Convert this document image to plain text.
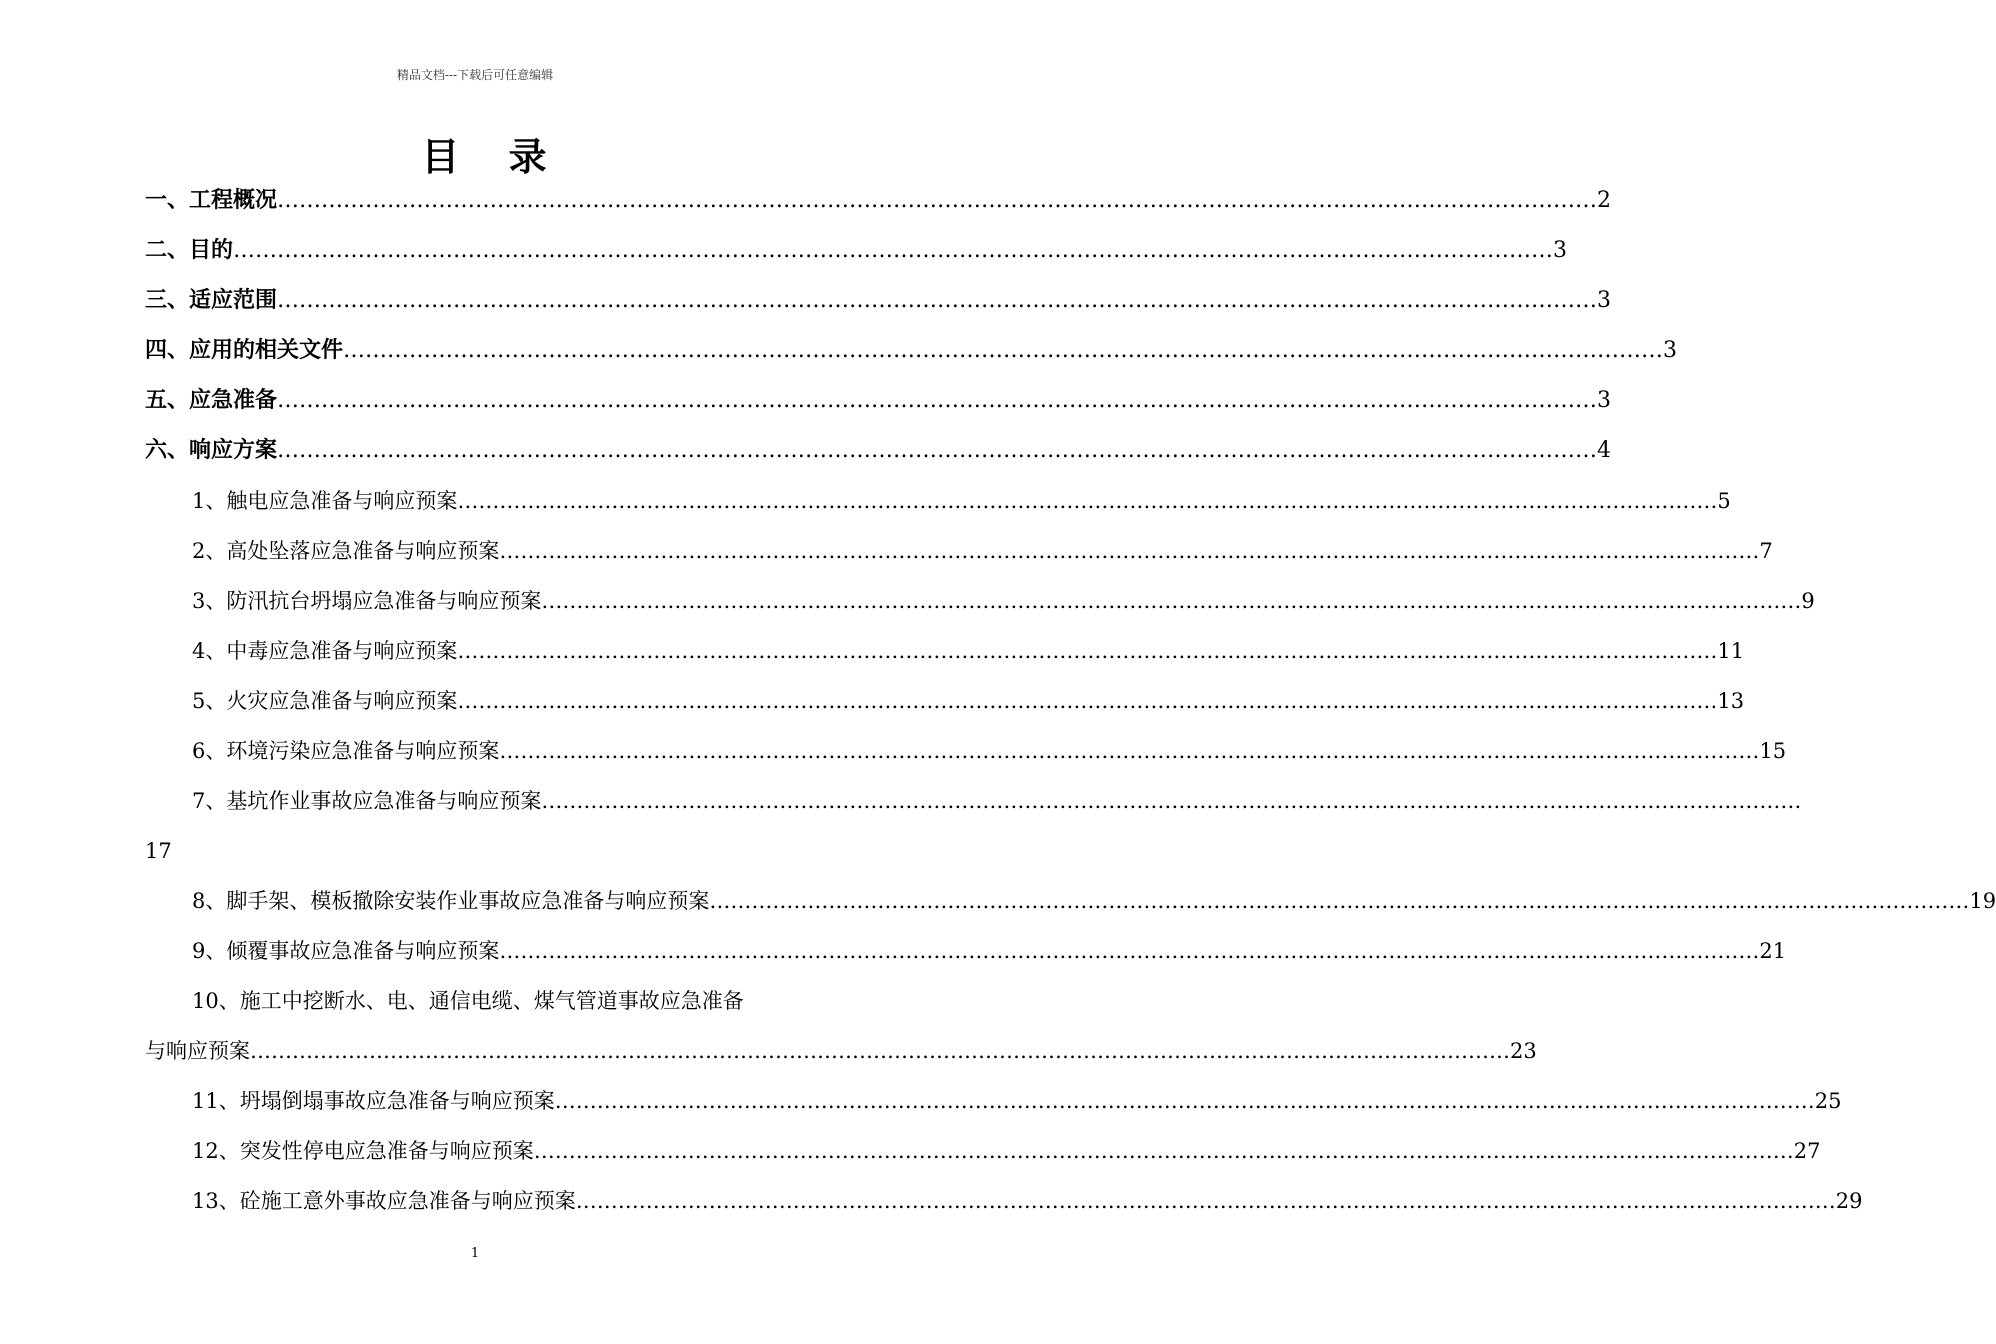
精品文档---下载后可任意编辑
目 录
一、工程概况 ……………………………………………………………………………………………………………………………………………………………… 2
二、目的 ……………………………………………………………………………………………………………………………………………………………… 3
三、适应范围 ……………………………………………………………………………………………………………………………………………………………… 3
四、应用的相关文件 ……………………………………………………………………………………………………………………………………………………………… 3
五、应急准备 ……………………………………………………………………………………………………………………………………………………………… 3
六、响应方案 ……………………………………………………………………………………………………………………………………………………………… 4
1、触电应急准备与响应预案 ……………………………………………………………………………………………………………………………………………………………… 5
2、高处坠落应急准备与响应预案 ……………………………………………………………………………………………………………………………………………………………… 7
3、防汛抗台坍塌应急准备与响应预案 ……………………………………………………………………………………………………………………………………………………………… 9
4、中毒应急准备与响应预案 ……………………………………………………………………………………………………………………………………………………………… 11
5、火灾应急准备与响应预案 ……………………………………………………………………………………………………………………………………………………………… 13
6、环境污染应急准备与响应预案 ……………………………………………………………………………………………………………………………………………………………… 15
7、基坑作业事故应急准备与响应预案 ………………………………………………………………………………………………………………………………………………………………
17
8、脚手架、模板撤除安装作业事故应急准备与响应预案 ……………………………………………………………………………………………………………………………………………………………… 19
9、倾覆事故应急准备与响应预案 ……………………………………………………………………………………………………………………………………………………………… 21
10、施工中挖断水、电、通信电缆、煤气管道事故应急准备
与响应预案 ……………………………………………………………………………………………………………………………………………………………… 23
11、坍塌倒塌事故应急准备与响应预案 ……………………………………………………………………………………………………………………………………………………………… 25
12、突发性停电应急准备与响应预案 ……………………………………………………………………………………………………………………………………………………………… 27
13、砼施工意外事故应急准备与响应预案 ……………………………………………………………………………………………………………………………………………………………… 29
1
